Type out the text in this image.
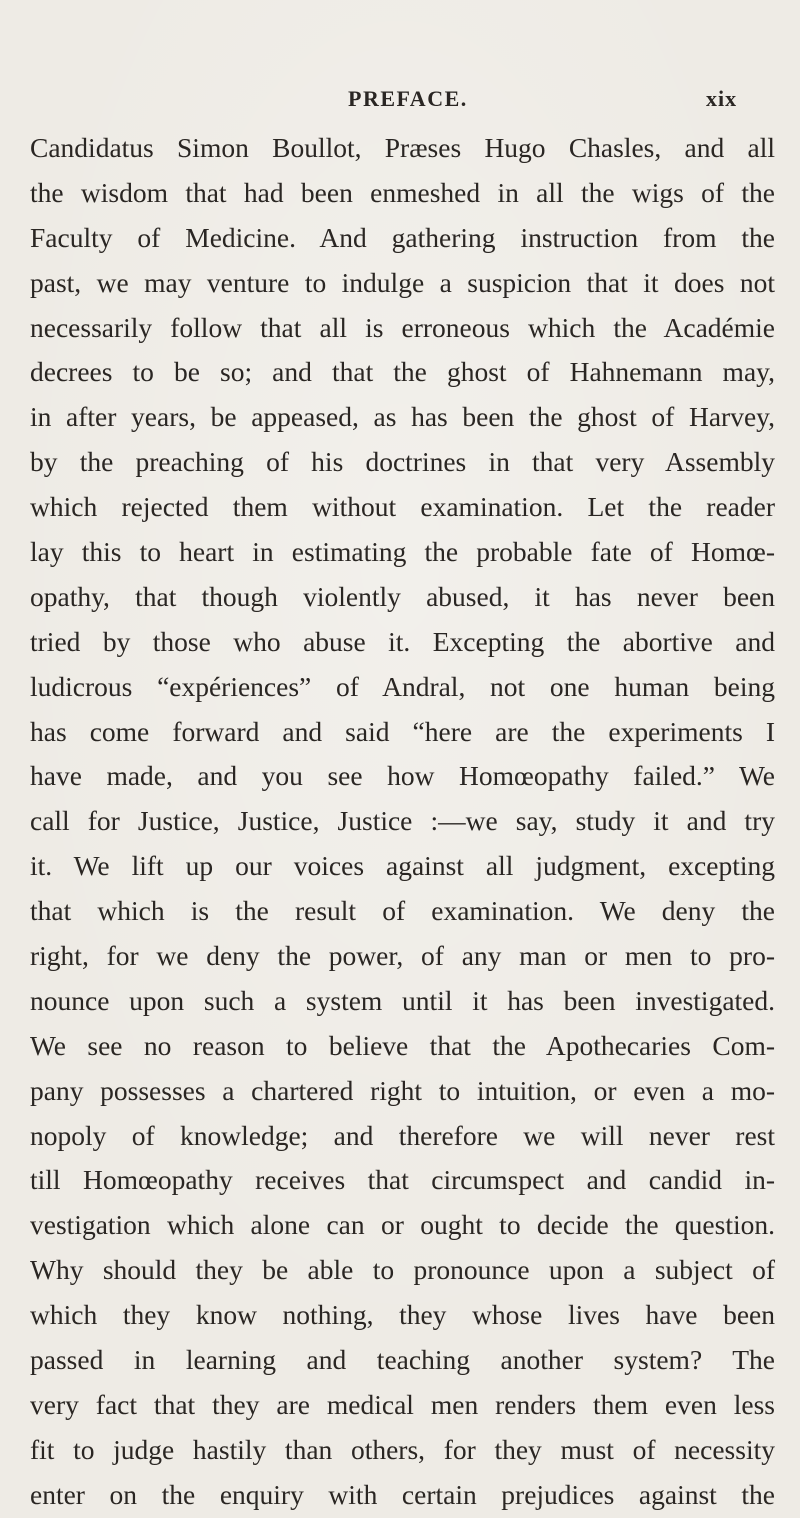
PREFACE.	xix
Candidatus Simon Boullot, Præses Hugo Chasles, and all
the wisdom that had been enmeshed in all the wigs of the
Faculty of Medicine. And gathering instruction from the
past, we may venture to indulge a suspicion that it does not
necessarily follow that all is erroneous which the Académie
decrees to be so; and that the ghost of Hahnemann may,
in after years, be appeased, as has been the ghost of Harvey,
by the preaching of his doctrines in that very Assembly
which rejected them without examination. Let the reader
lay this to heart in estimating the probable fate of Homœ-
opathy, that though violently abused, it has never been
tried by those who abuse it. Excepting the abortive and
ludicrous “expériences” of Andral, not one human being
has come forward and said “here are the experiments I
have made, and you see how Homœopathy failed.” We
call for Justice, Justice, Justice :—we say, study it and try
it. We lift up our voices against all judgment, excepting
that which is the result of examination. We deny the
right, for we deny the power, of any man or men to pro-
nounce upon such a system until it has been investigated.
We see no reason to believe that the Apothecaries Com-
pany possesses a chartered right to intuition, or even a mo-
nopoly of knowledge; and therefore we will never rest
till Homœopathy receives that circumspect and candid in-
vestigation which alone can or ought to decide the question.
Why should they be able to pronounce upon a subject of
which they know nothing, they whose lives have been
passed in learning and teaching another system? The
very fact that they are medical men renders them even less
fit to judge hastily than others, for they must of necessity
enter on the enquiry with certain prejudices against the
